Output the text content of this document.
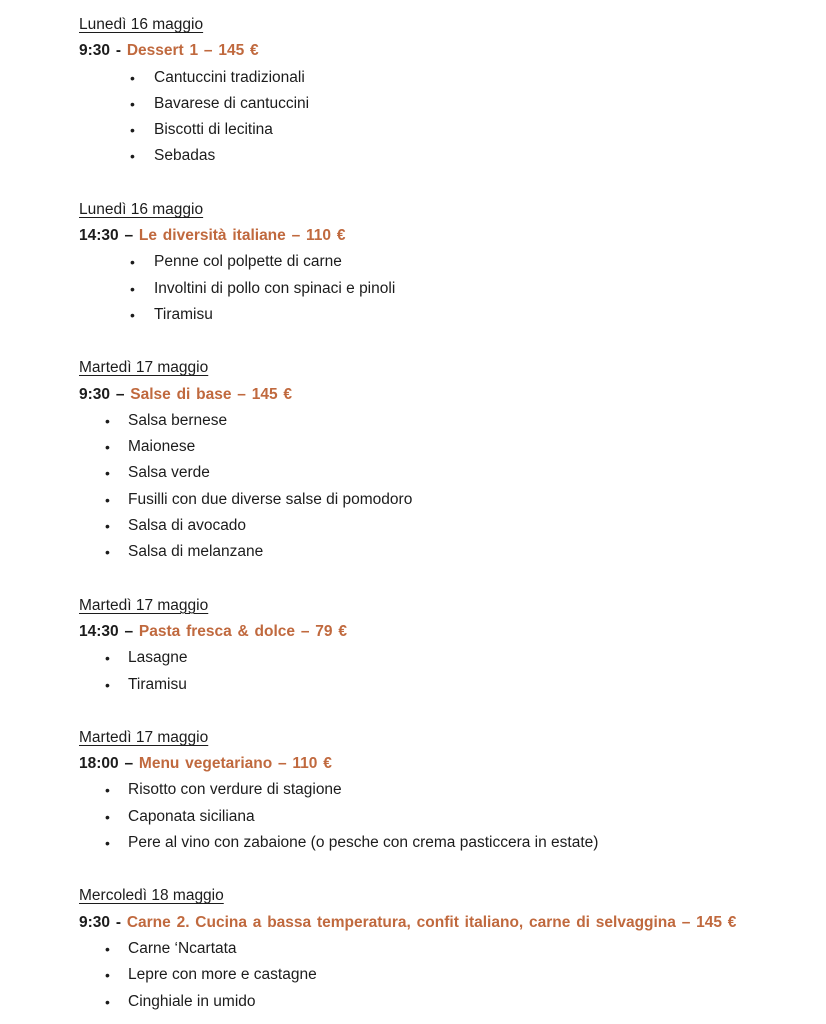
Lunedì 16 maggio
9:30 - Dessert 1 – 145 €
• Cantuccini tradizionali
• Bavarese di cantuccini
• Biscotti di lecitina
• Sebadas
Lunedì 16 maggio
14:30 – Le diversità italiane – 110 €
• Penne col polpette di carne
• Involtini di pollo con spinaci e pinoli
• Tiramisu
Martedì 17 maggio
9:30 – Salse di base – 145 €
• Salsa bernese
• Maionese
• Salsa verde
• Fusilli con due diverse salse di pomodoro
• Salsa di avocado
• Salsa di melanzane
Martedì 17 maggio
14:30 – Pasta fresca & dolce – 79 €
• Lasagne
• Tiramisu
Martedì 17 maggio
18:00 – Menu vegetariano – 110 €
• Risotto con verdure di stagione
• Caponata siciliana
• Pere al vino con zabaione (o pesche con crema pasticcera in estate)
Mercoledì 18 maggio
9:30 - Carne 2. Cucina a bassa temperatura, confit italiano, carne di selvaggina – 145 €
• Carne ‘Ncartata
• Lepre con more e castagne
• Cinghiale in umido
